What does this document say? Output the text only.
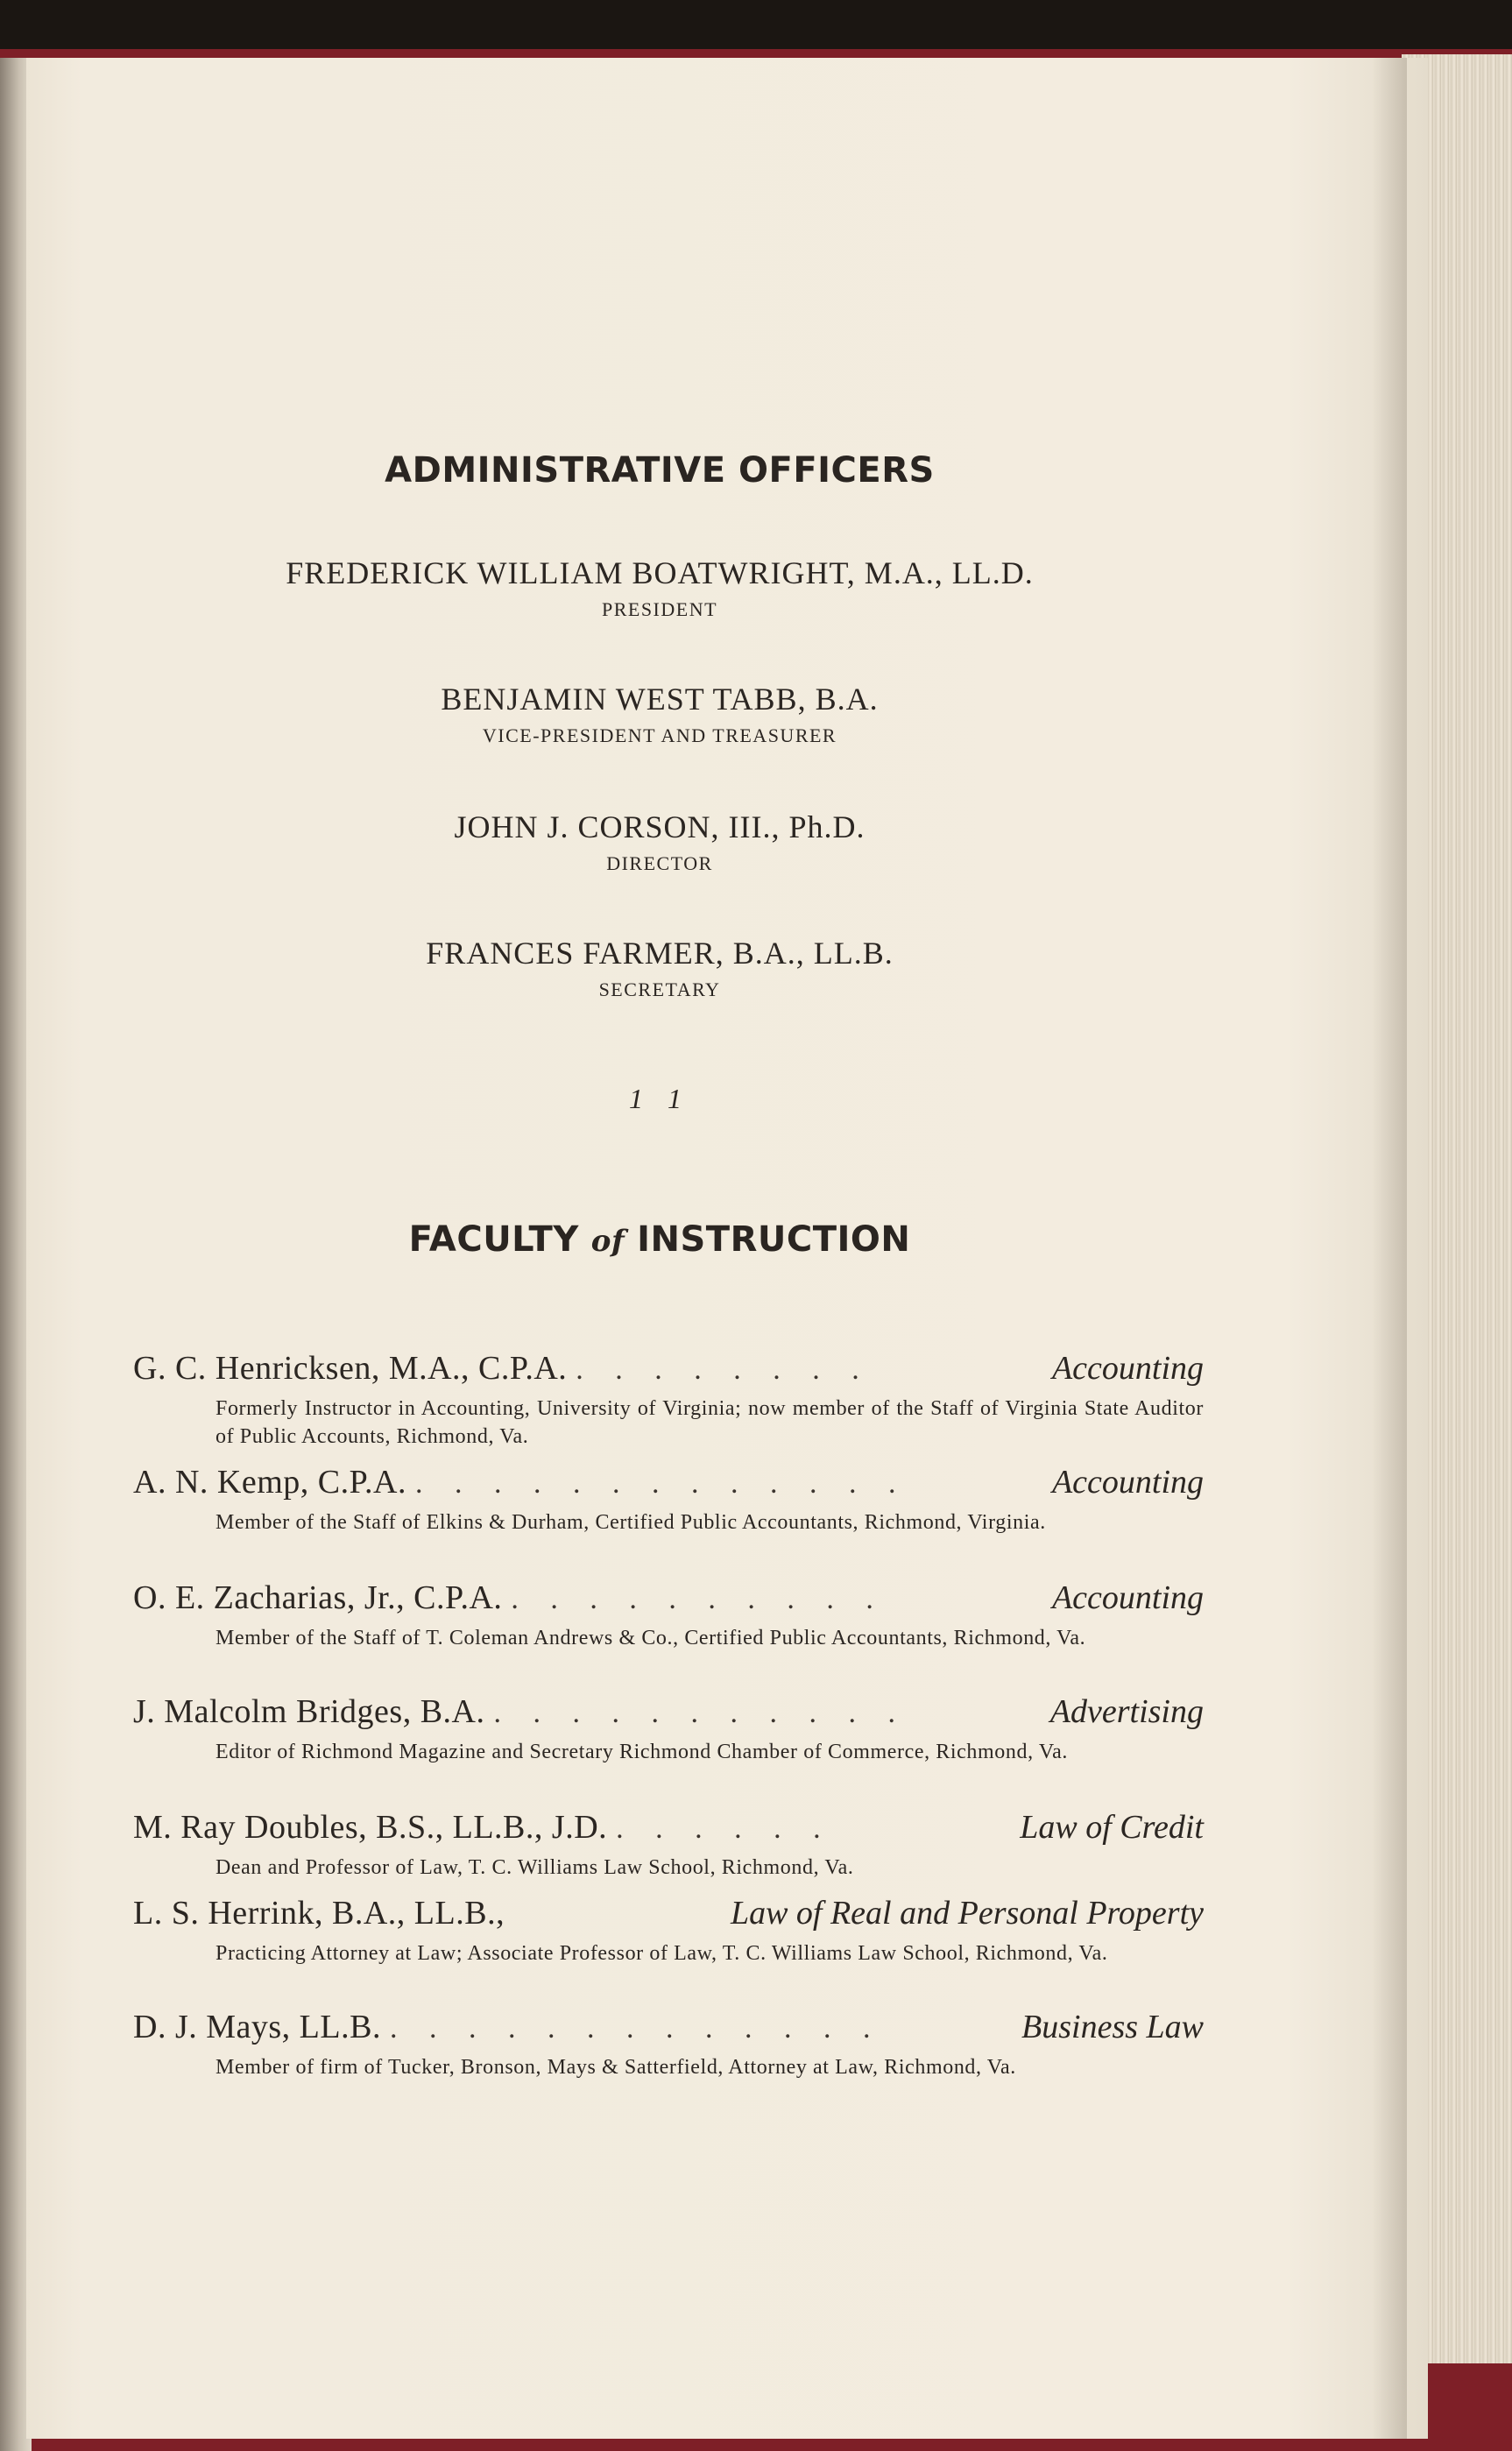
ADMINISTRATIVE OFFICERS
FREDERICK WILLIAM BOATWRIGHT, M.A., LL.D.
PRESIDENT
BENJAMIN WEST TABB, B.A.
VICE-PRESIDENT AND TREASURER
JOHN J. CORSON, III., Ph.D.
DIRECTOR
FRANCES FARMER, B.A., LL.B.
SECRETARY
1 1
FACULTY of INSTRUCTION
G. C. Henricksen, M.A., C.P.A. . . . . . . . .	Accounting
Formerly Instructor in Accounting, University of Virginia; now member of the Staff of Virginia State Auditor of Public Accounts, Richmond, Va.
A. N. Kemp, C.P.A. . . . . . . . . . . . . .	Accounting
Member of the Staff of Elkins & Durham, Certified Public Accountants, Richmond, Virginia.
O. E. Zacharias, Jr., C.P.A. . . . . . . . . . .	Accounting
Member of the Staff of T. Coleman Andrews & Co., Certified Public Accountants, Richmond, Va.
J. Malcolm Bridges, B.A. . . . . . . . . . . .	Advertising
Editor of Richmond Magazine and Secretary Richmond Chamber of Commerce, Richmond, Va.
M. Ray Doubles, B.S., LL.B., J.D. . . . . . .	Law of Credit
Dean and Professor of Law, T. C. Williams Law School, Richmond, Va.
L. S. Herrink, B.A., LL.B.,	Law of Real and Personal Property
Practicing Attorney at Law; Associate Professor of Law, T. C. Williams Law School, Richmond, Va.
D. J. Mays, LL.B. . . . . . . . . . . . . .	Business Law
Member of firm of Tucker, Bronson, Mays & Satterfield, Attorney at Law, Richmond, Va.
